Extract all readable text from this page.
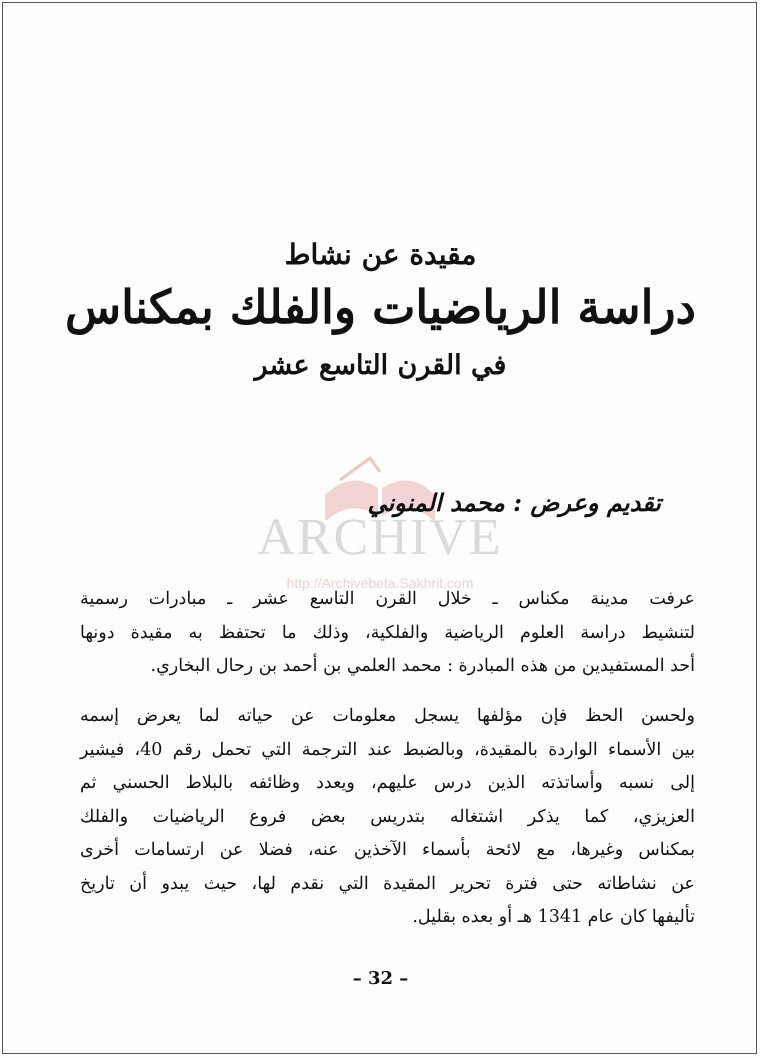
مقيدة عن نشاط
دراسة الرياضيات والفلك بمكناس
في القرن التاسع عشر
ARCHIVE
http://Archivebeta.Sakhrit.com
تقديم وعرض : محمد المنوني
عرفت مدينة مكناس ـ خلال القرن التاسع عشر ـ مبادرات رسمية
لتنشيط دراسة العلوم الرياضية والفلكية، وذلك ما تحتفظ به مقيدة دونها
أحد المستفيدين من هذه المبادرة : محمد العلمي بن أحمد بن رحال البخاري.
ولحسن الحظ فإن مؤلفها يسجل معلومات عن حياته لما يعرض إسمه
بين الأسماء الواردة بالمقيدة، وبالضبط عند الترجمة التي تحمل رقم 40، فيشير
إلى نسبه وأساتذته الذين درس عليهم، ويعدد وظائفه بالبلاط الحسني ثم
العزيزي، كما يذكر اشتغاله بتدريس بعض فروع الرياضيات والفلك
بمكناس وغيرها، مع لائحة بأسماء الآخذين عنه، فضلا عن ارتسامات أخرى
عن نشاطاته حتى فترة تحرير المقيدة التي نقدم لها، حيث يبدو أن تاريخ
تأليفها كان عام 1341 هـ أو بعده بقليل.
– 32 –
